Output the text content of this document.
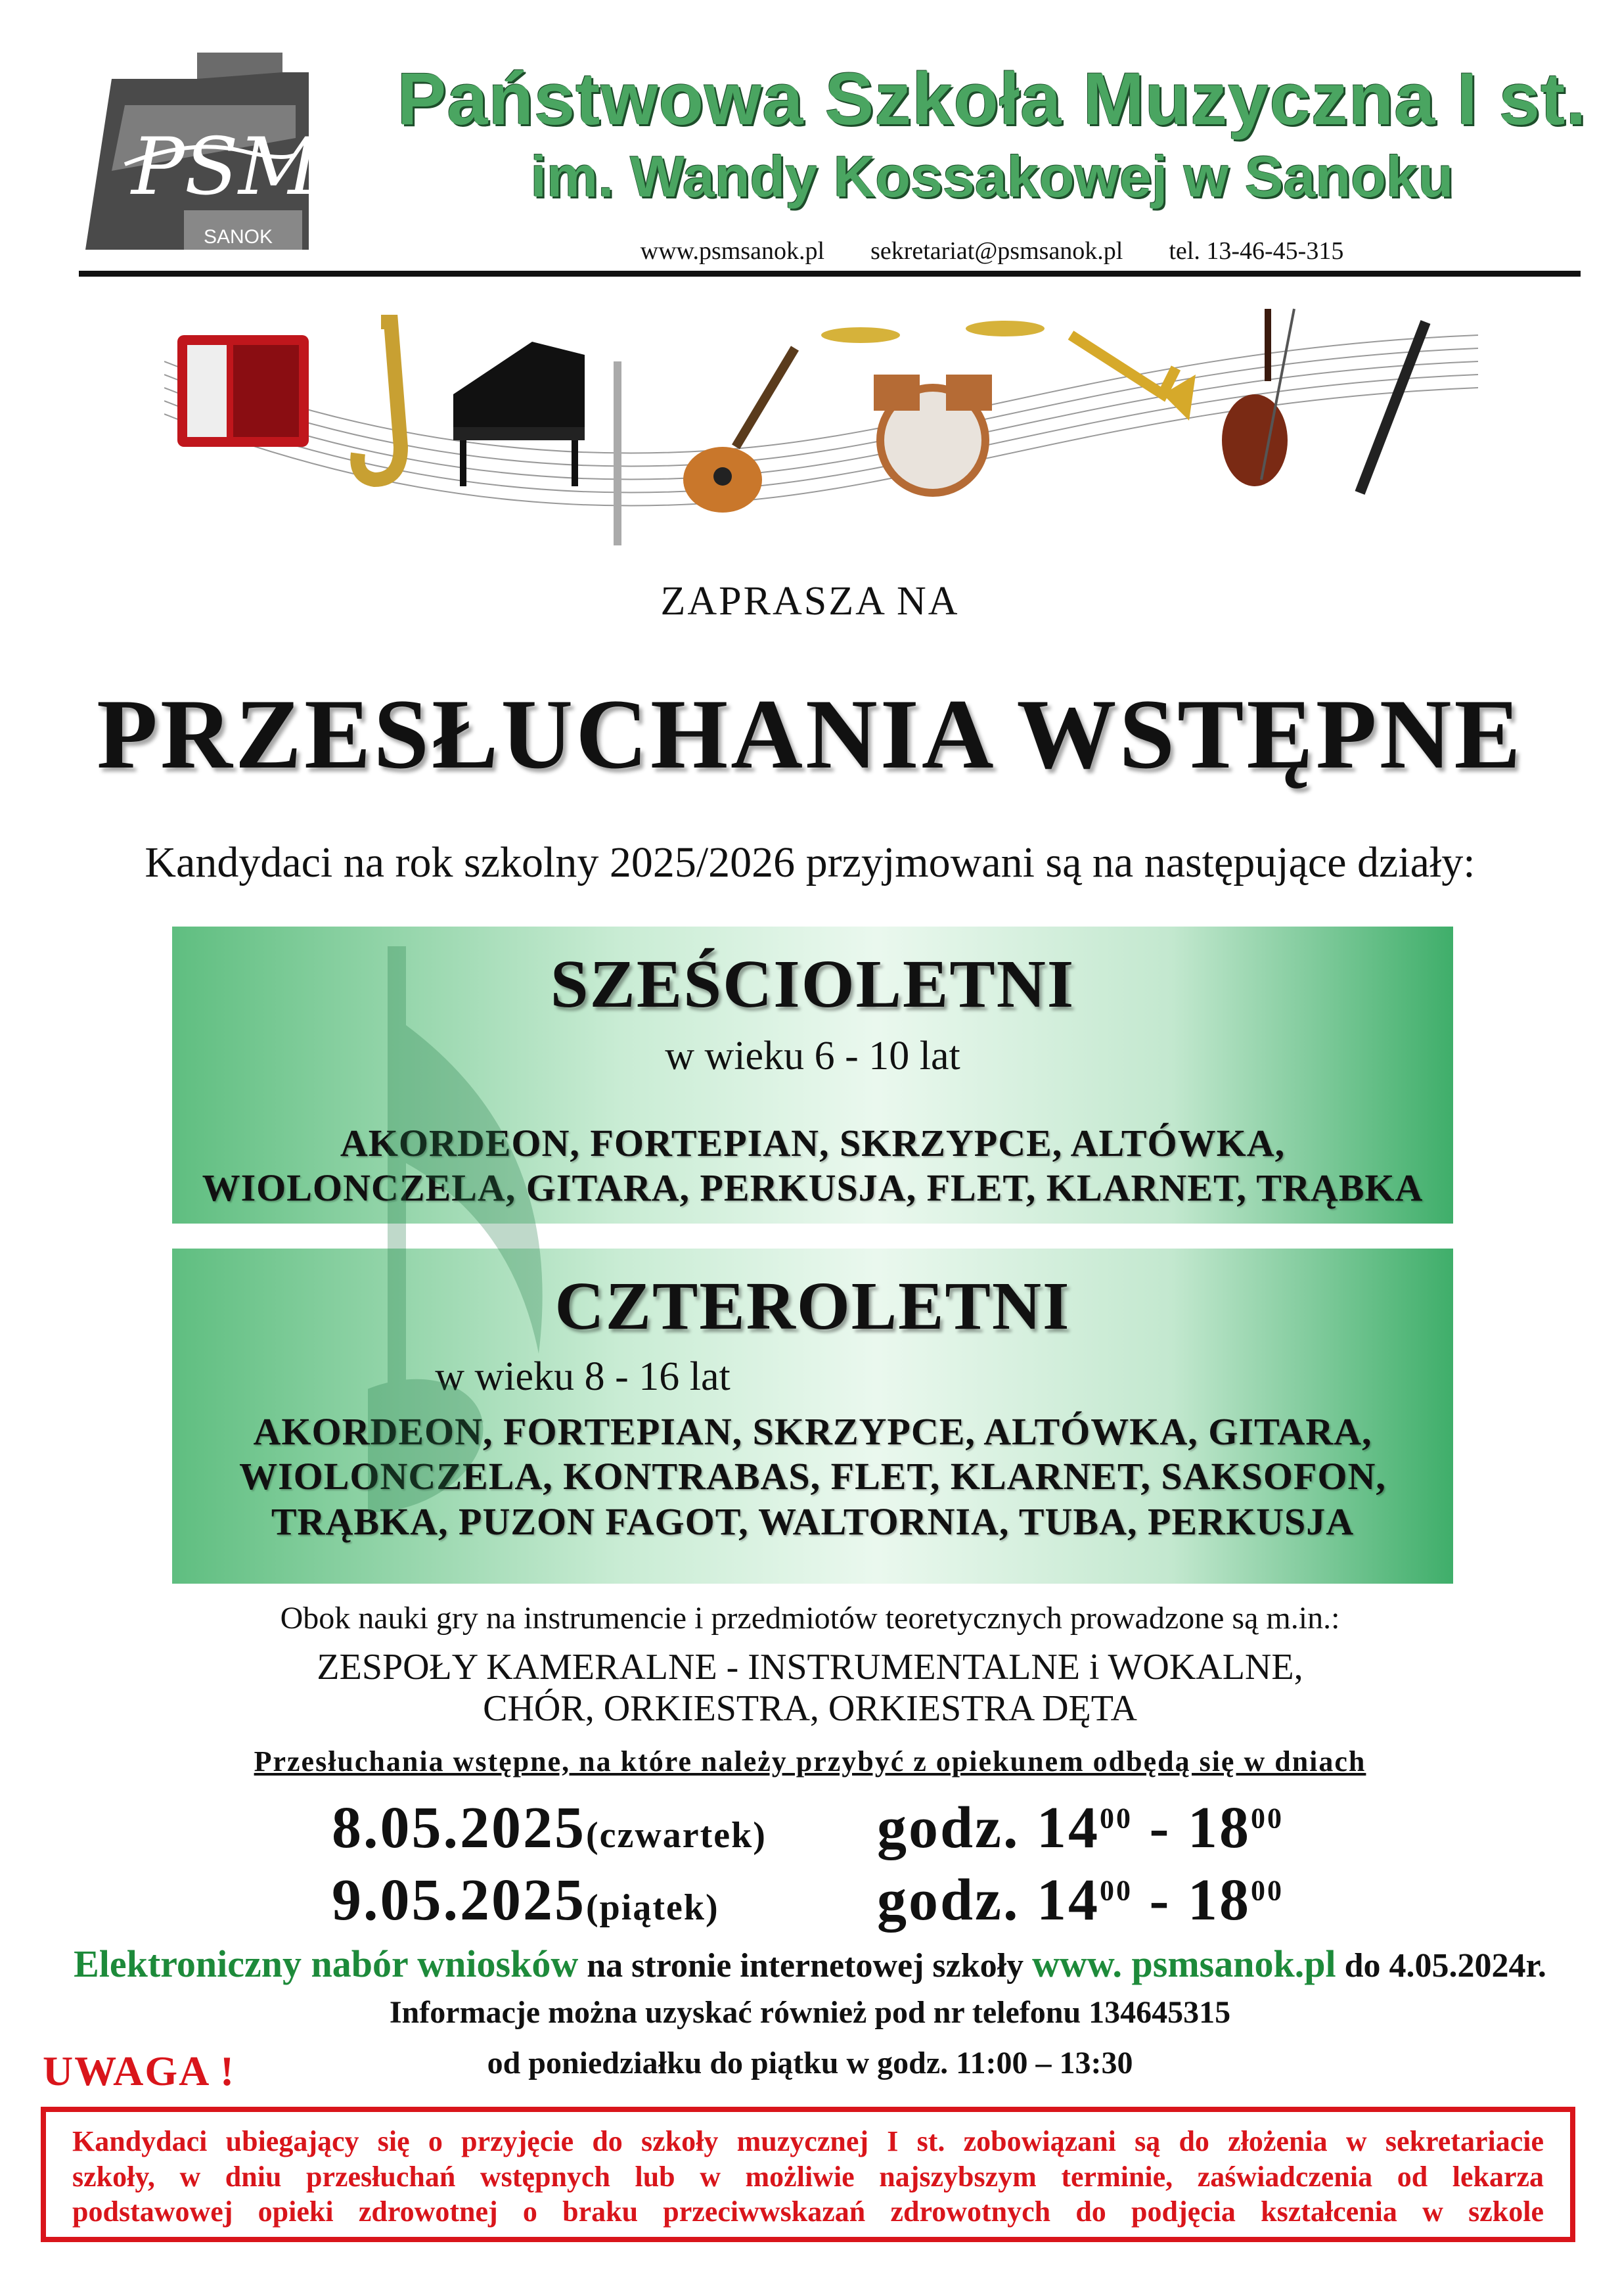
PSM
SANOK
Państwowa Szkoła Muzyczna I st.
im. Wandy Kossakowej w Sanoku
www.psmsanok.pl sekretariat@psmsanok.pl tel. 13-46-45-315
ZAPRASZA NA
PRZESŁUCHANIA WSTĘPNE
Kandydaci na rok szkolny 2025/2026 przyjmowani są na następujące działy:
SZEŚCIOLETNI
w wieku 6 - 10 lat
AKORDEON, FORTEPIAN, SKRZYPCE, ALTÓWKA,
WIOLONCZELA, GITARA, PERKUSJA, FLET, KLARNET, TRĄBKA
CZTEROLETNI
w wieku 8 - 16 lat
AKORDEON, FORTEPIAN, SKRZYPCE, ALTÓWKA, GITARA,
WIOLONCZELA, KONTRABAS, FLET, KLARNET, SAKSOFON,
TRĄBKA, PUZON FAGOT, WALTORNIA, TUBA, PERKUSJA
Obok nauki gry na instrumencie i przedmiotów teoretycznych prowadzone są m.in.:
ZESPOŁY KAMERALNE - INSTRUMENTALNE i WOKALNE,
CHÓR, ORKIESTRA, ORKIESTRA DĘTA
Przesłuchania wstępne, na które należy przybyć z opiekunem odbędą się w dniach
8.05.2025(czwartek) godz. $14^{00} - 18^{00}$
9.05.2025(piątek)	godz. $14^{00} - 18^{00}$
Elektroniczny nabór wniosków na stronie internetowej szkoły www. psmsanok.pl do 4.05.2024r.
Informacje można uzyskać również pod nr telefonu 134645315
od poniedziałku do piątku w godz. 11:00 – 13:30
UWAGA !
Kandydaci ubiegający się o przyjęcie do szkoły muzycznej I st. zobowiązani są do złożenia w sekretariacie
szkoły, w dniu przesłuchań wstępnych lub w możliwie najszybszym terminie, zaświadczenia od lekarza
podstawowej opieki zdrowotnej o braku przeciwwskazań zdrowotnych do podjęcia kształcenia w szkole
